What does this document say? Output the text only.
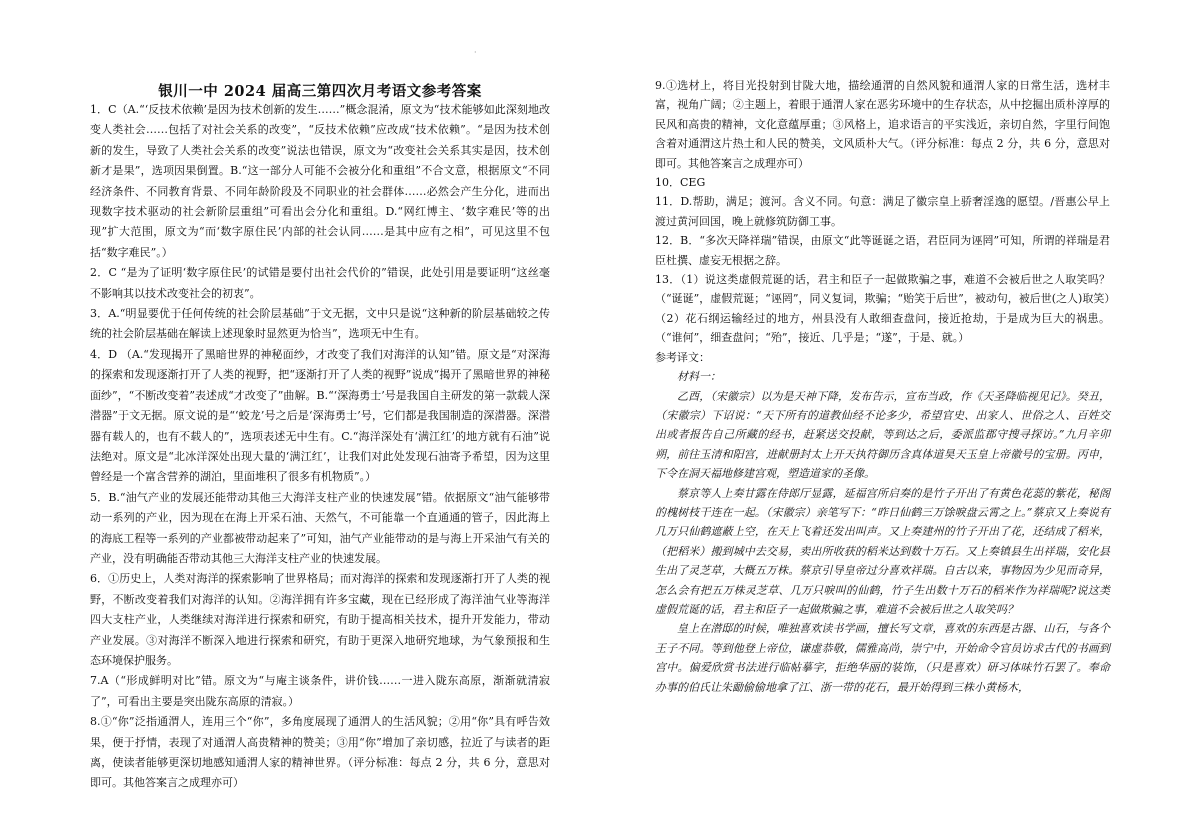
·
银川一中 2024 届高三第四次月考语文参考答案

1．C（A.“‘反技术依赖’是因为技术创新的发生……”概念混淆，原文为“技术能够如此深刻地改变人类社会……包括了对社会关系的改变”，“反技术依赖”应改成“技术依赖”。“是因为技术创新的发生，导致了人类社会关系的改变”说法也错误，原文为“改变社会关系其实是因，技术创新才是果”，选项因果倒置。B.“这一部分人可能不会被分化和重组”不合文意，根据原文“不同经济条件、不同教育背景、不同年龄阶段及不同职业的社会群体……必然会产生分化，进而出现数字技术驱动的社会新阶层重组”可看出会分化和重组。D.“网红博主、‘数字难民’等的出现”扩大范围，原文为“而‘数字原住民’内部的社会认同……是其中应有之相”，可见这里不包括“数字难民”。）

2．C “是为了证明‘数字原住民’的试错是要付出社会代价的”错误，此处引用是要证明“这丝毫不影响其以技术改变社会的初衷”。

3．A.“明显要优于任何传统的社会阶层基础”于文无据，文中只是说“这种新的阶层基础较之传统的社会阶层基础在解读上述现象时显然更为恰当”，选项无中生有。

4．D （A.“发现揭开了黑暗世界的神秘面纱，才改变了我们对海洋的认知”错。原文是“对深海的探索和发现逐渐打开了人类的视野，把“逐渐打开了人类的视野”说成“揭开了黑暗世界的神秘面纱”，“不断改变着”表述成“才改变了”曲解。B.“‘深海勇士’号是我国自主研发的第一款载人深潜器”于文无据。原文说的是“‘蛟龙’号之后是‘深海勇士’号，它们都是我国制造的深潜器。深潜器有载人的，也有不载人的”，选项表述无中生有。C.“海洋深处有‘满江红’的地方就有石油”说法绝对。原文是“北冰洋深处出现大量的‘满江红’，让我们对此处发现石油寄予希望，因为这里曾经是一个富含营养的湖泊，里面堆积了很多有机物质”。）

5．B.“油气产业的发展还能带动其他三大海洋支柱产业的快速发展”错。依据原文“油气能够带动一系列的产业，因为现在在海上开采石油、天然气，不可能靠一个直通通的管子，因此海上的海底工程等一系列的产业都被带动起来了”可知，油气产业能带动的是与海上开采油气有关的产业，没有明确能否带动其他三大海洋支柱产业的快速发展。

6．①历史上，人类对海洋的探索影响了世界格局；而对海洋的探索和发现逐渐打开了人类的视野，不断改变着我们对海洋的认知。②海洋拥有许多宝藏，现在已经形成了海洋油气业等海洋四大支柱产业，人类继续对海洋进行探索和研究，有助于提高相关技术，提升开发能力，带动产业发展。③对海洋不断深入地进行探索和研究，有助于更深入地研究地球，为气象预报和生态环境保护服务。

7.A（“形成鲜明对比”错。原文为“与庵主谈条件，讲价钱……一进入陇东高原，渐渐就清寂了”，可看出主要是突出陇东高原的清寂。）

8.①“你”泛指通渭人，连用三个“你”，多角度展现了通渭人的生活风貌；②用“你”具有呼告效果，便于抒情，表现了对通渭人高贵精神的赞美；③用“你”增加了亲切感，拉近了与读者的距离，使读者能够更深切地感知通渭人家的精神世界。（评分标准：每点 2 分，共 6 分，意思对即可。其他答案言之成理亦可）

9.①选材上，将目光投射到甘陇大地，描绘通渭的自然风貌和通渭人家的日常生活，选材丰富，视角广阔；②主题上，着眼于通渭人家在恶劣环境中的生存状态，从中挖掘出质朴淳厚的民风和高贵的精神，文化意蕴厚重；③风格上，追求语言的平实浅近，亲切自然，字里行间饱含着对通渭这片热土和人民的赞美，文风质朴大气。（评分标准：每点 2 分，共 6 分，意思对即可。其他答案言之成理亦可）

10．CEG

11．D.帮助，满足；渡河。含义不同。句意：满足了徽宗皇上骄奢淫逸的愿望。/晋惠公早上渡过黄河回国，晚上就修筑防御工事。

12．B．“多次天降祥瑞”错误，由原文“此等诞诞之语，君臣同为诬罔”可知，所谓的祥瑞是君臣杜撰、虚妄无根据之辞。

13．（1）说这类虚假荒诞的话，君主和臣子一起做欺骗之事，难道不会被后世之人取笑吗？（“诞诞”，虚假荒诞；“诬罔”，同义复词，欺骗；“贻笑于后世”，被动句，被后世(之人)取笑）

（2）花石纲运输经过的地方，州县没有人敢细查盘问，接近抢劫，于是成为巨大的祸患。（“谁何”，细查盘问；“殆”，接近、几乎是；“遂”，于是、就。）

参考译文：

材料一：

乙酉，（宋徽宗）以为是天神下降，发布告示，宣布当政，作《天圣降临视见记》。癸丑，（宋徽宗）下诏说：“天下所有的道教仙经不论多少，希望官史、出家人、世俗之人、百姓交出或者报告自己所藏的经书，赶紧送交投献，等到达之后，委派监郡守搜寻探访。”九月辛卯朔，前往玉清和阳宫，进献册封太上开天执符御历含真体道昊天玉皇上帝徽号的宝册。丙申，下令在洞天福地修建宫观，塑造道家的圣像。

蔡京等人上奏甘露在侍郎厅显露，延福宫所启奏的是竹子开出了有黄色花蕊的紫花，秘阁的槐树枝干连在一起。（宋徽宗）亲笔写下：“昨日仙鹤三万馀唳盘云霄之上。”蔡京又上奏说有几万只仙鹤遮蔽上空，在天上飞着还发出叫声。又上奏建州的竹子开出了花，还结成了稻米，（把稻米）搬到城中去交易，卖出所收获的稻米达到数十万石。又上奏镇县生出祥瑞，安化县生出了灵芝草，大概五万株。蔡京引导皇帝过分喜欢祥瑞。自古以来，事物因为少见而奇异，怎么会有把五万株灵芝草、几万只唳叫的仙鹤，竹子生出数十万石的稻米作为祥瑞呢?说这类虚假荒诞的话，君主和臣子一起做欺骗之事，难道不会被后世之人取笑吗？

皇上在潜邸的时候，唯独喜欢读书学画，擅长写文章，喜欢的东西是古器、山石，与各个王子不同。等到他登上帝位，谦虚恭敬，儒雅高尚，崇宁中，开始命令官员访求古代的书画到宫中。偏爱欣赏书法进行临帖摹字，拒绝华丽的装饰，（只是喜欢）研习体味竹石罢了。奉命办事的伯氏让朱勔偷偷地拿了江、浙一带的花石，最开始得到三株小黄杨木，
